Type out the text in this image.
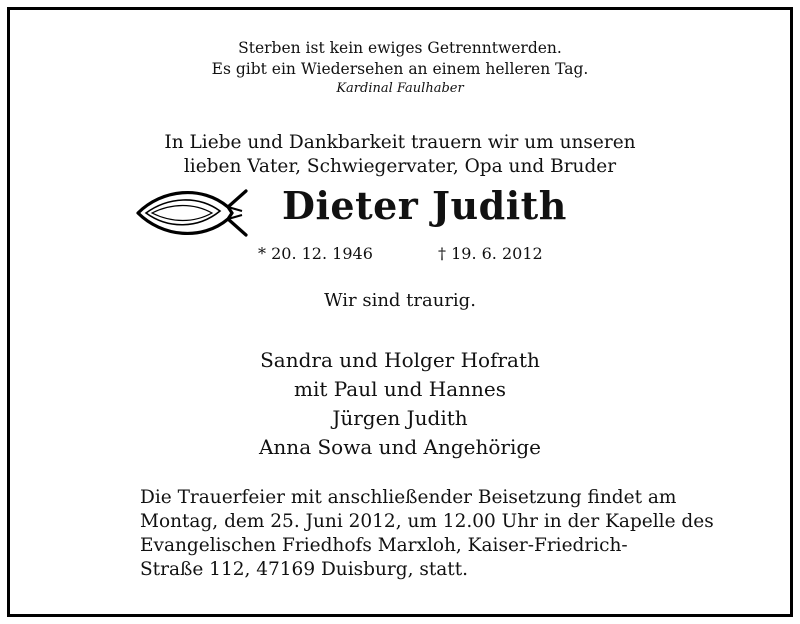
Sterben ist kein ewiges Getrenntwerden.
Es gibt ein Wiedersehen an einem helleren Tag.
Kardinal Faulhaber
In Liebe und Dankbarkeit trauern wir um unseren
lieben Vater, Schwiegervater, Opa und Bruder
Dieter Judith
* 20. 12. 1946	† 19. 6. 2012
Wir sind traurig.
Sandra und Holger Hofrath
mit Paul und Hannes
Jürgen Judith
Anna Sowa und Angehörige
Die Trauerfeier mit anschließender Beisetzung findet am
Montag, dem 25. Juni 2012, um 12.00 Uhr in der Kapelle des
Evangelischen Friedhofs Marxloh, Kaiser-Friedrich-
Straße 112, 47169 Duisburg, statt.
